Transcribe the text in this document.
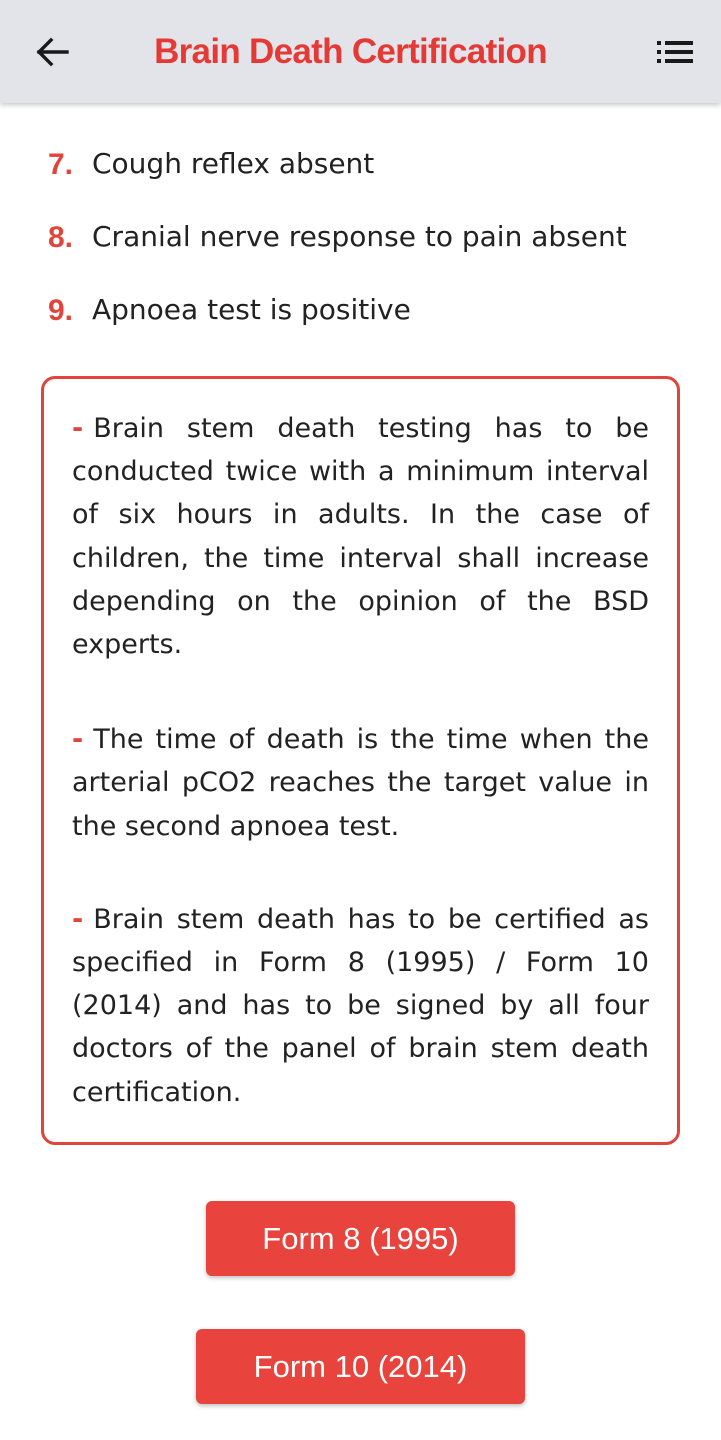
Brain Death Certification
7. Cough reflex absent
8. Cranial nerve response to pain absent
9. Apnoea test is positive

- Brain stem death testing has to be conducted twice with a minimum interval of six hours in adults. In the case of children, the time interval shall increase depending on the opinion of the BSD experts.

- The time of death is the time when the arterial pCO2 reaches the target value in the second apnoea test.

- Brain stem death has to be certified as specified in Form 8 (1995) / Form 10 (2014) and has to be signed by all four doctors of the panel of brain stem death certification.

Form 8 (1995)
Form 10 (2014)
